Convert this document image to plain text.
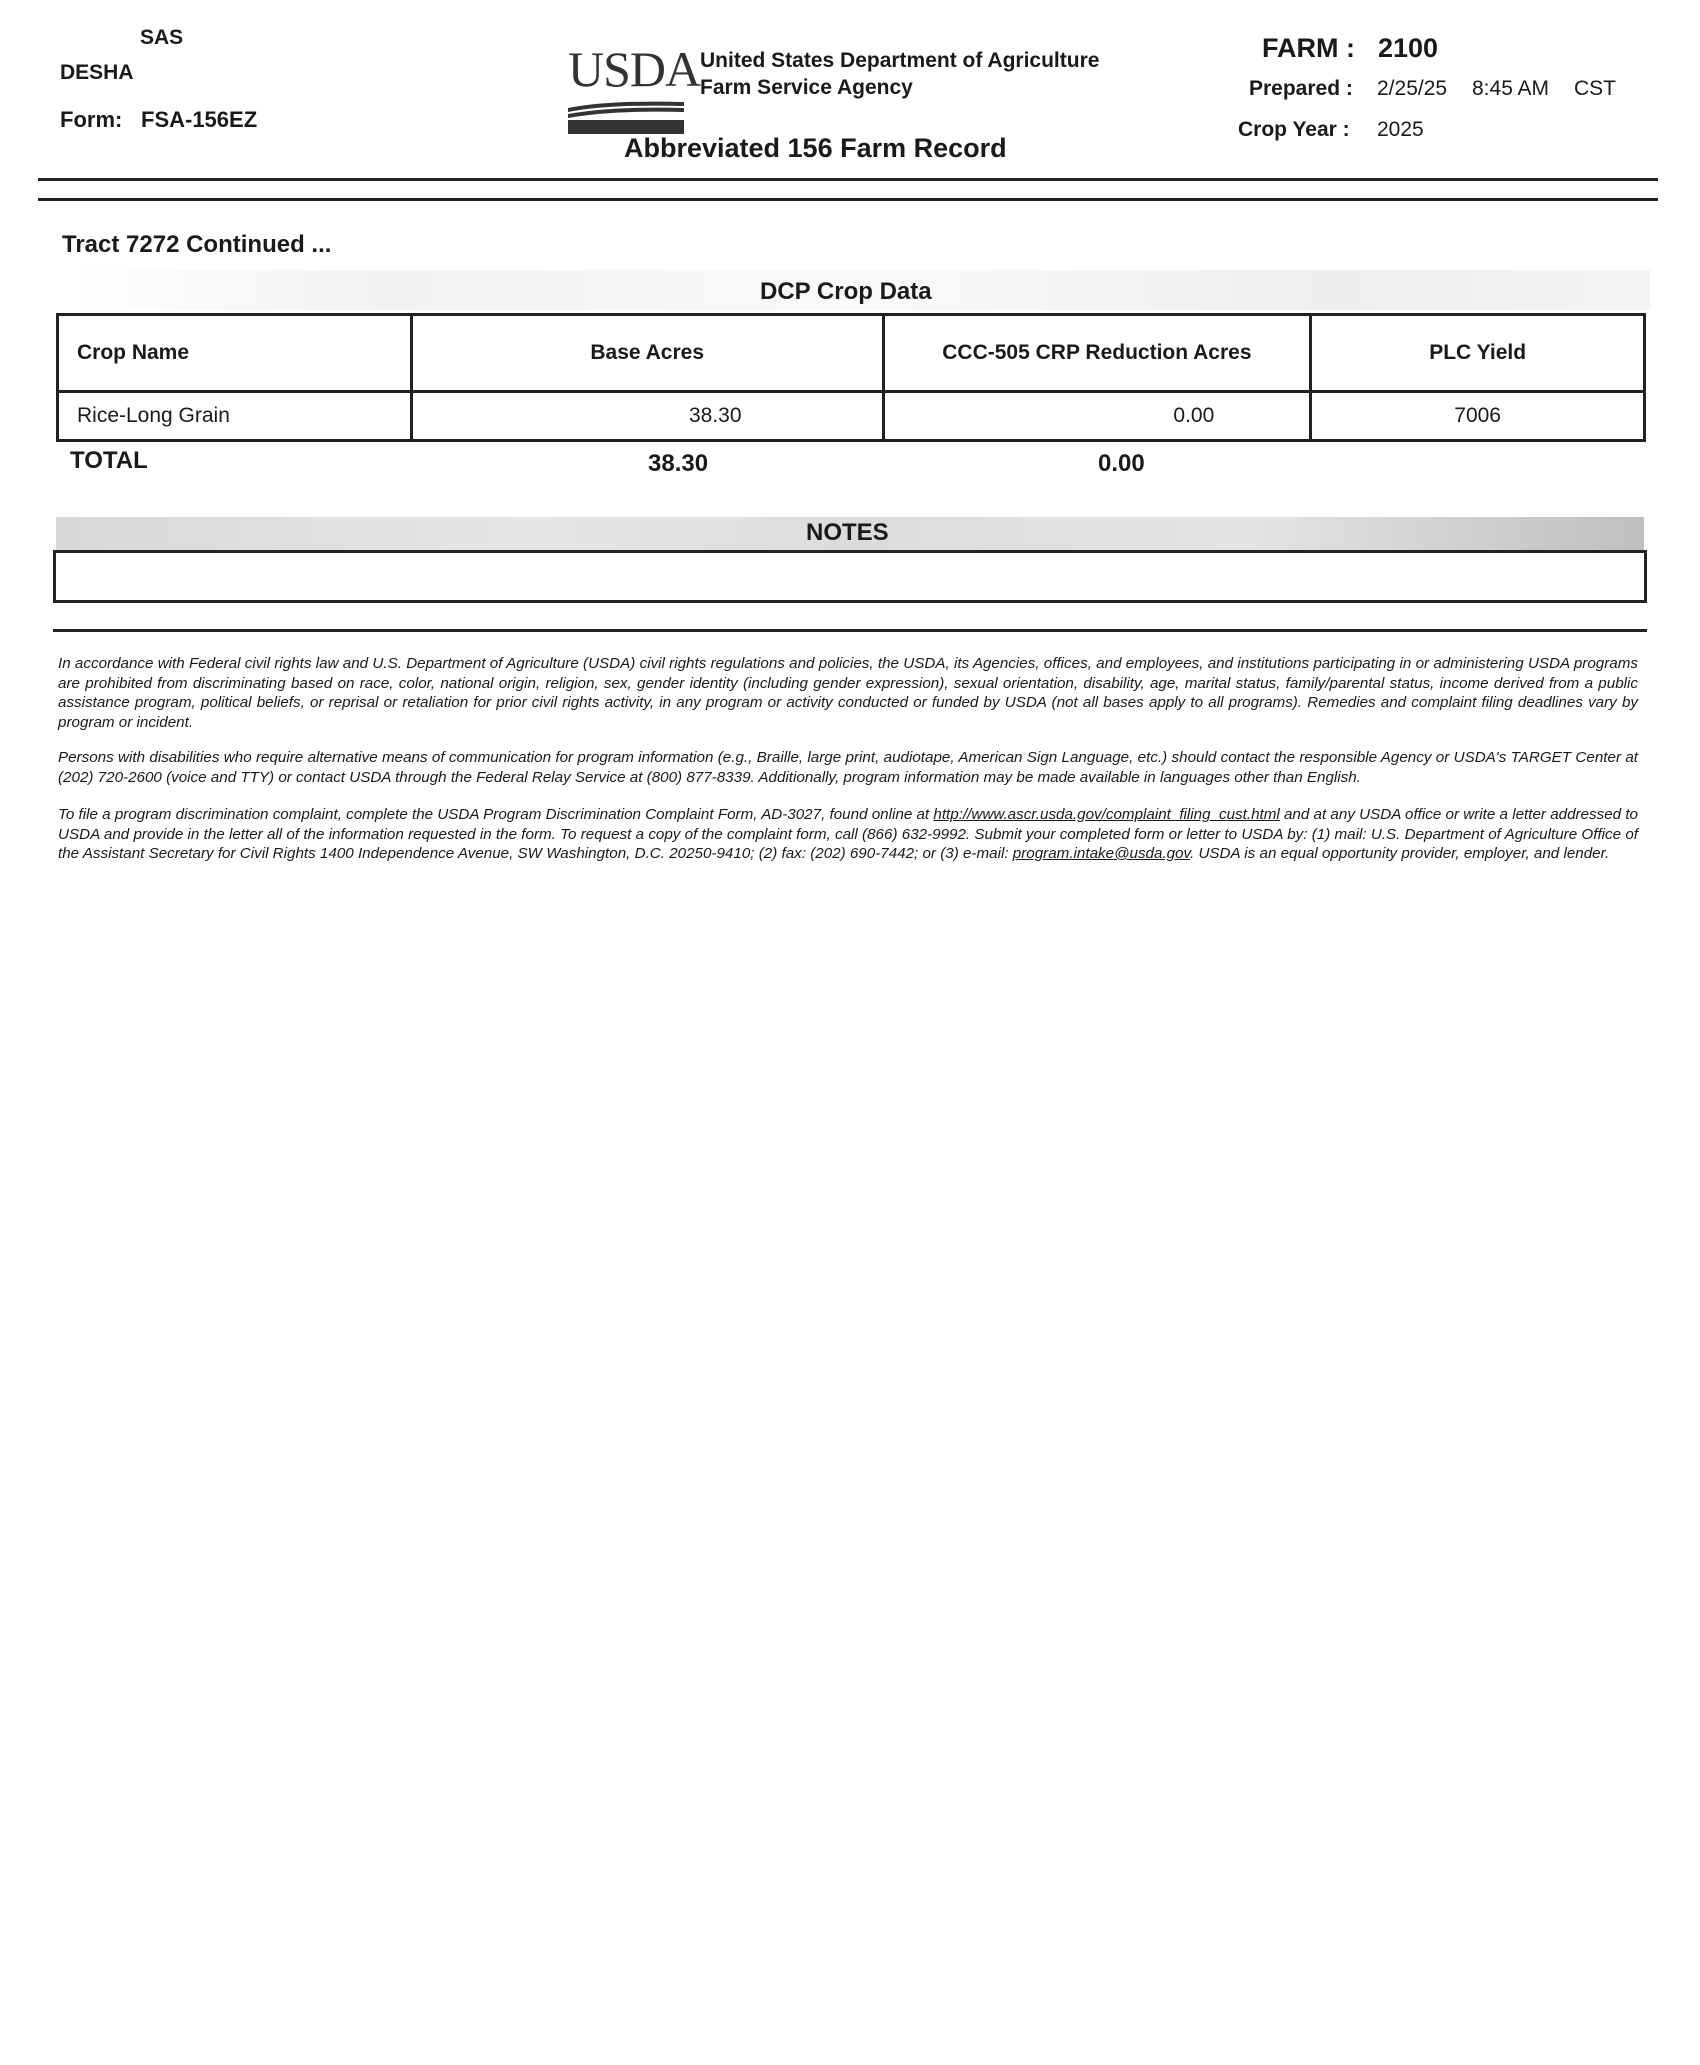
SAS
DESHA
Form: FSA-156EZ
USDA United States Department of Agriculture
Farm Service Agency
Abbreviated 156 Farm Record
FARM : 2100
Prepared : 2/25/25 8:45 AM CST
Crop Year : 2025
Tract 7272 Continued ...
DCP Crop Data
Crop Name	Base Acres	CCC-505 CRP Reduction Acres	PLC Yield
Rice-Long Grain	38.30	0.00	7006
TOTAL	38.30	0.00
NOTES
In accordance with Federal civil rights law and U.S. Department of Agriculture (USDA) civil rights regulations and policies, the USDA, its Agencies, offices, and employees, and institutions participating in or administering USDA programs are prohibited from discriminating based on race, color, national origin, religion, sex, gender identity (including gender expression), sexual orientation, disability, age, marital status, family/parental status, income derived from a public assistance program, political beliefs, or reprisal or retaliation for prior civil rights activity, in any program or activity conducted or funded by USDA (not all bases apply to all programs). Remedies and complaint filing deadlines vary by program or incident.
Persons with disabilities who require alternative means of communication for program information (e.g., Braille, large print, audiotape, American Sign Language, etc.) should contact the responsible Agency or USDA's TARGET Center at (202) 720-2600 (voice and TTY) or contact USDA through the Federal Relay Service at (800) 877-8339. Additionally, program information may be made available in languages other than English.
To file a program discrimination complaint, complete the USDA Program Discrimination Complaint Form, AD-3027, found online at http://www.ascr.usda.gov/complaint_filing_cust.html and at any USDA office or write a letter addressed to USDA and provide in the letter all of the information requested in the form. To request a copy of the complaint form, call (866) 632-9992. Submit your completed form or letter to USDA by: (1) mail: U.S. Department of Agriculture Office of the Assistant Secretary for Civil Rights 1400 Independence Avenue, SW Washington, D.C. 20250-9410; (2) fax: (202) 690-7442; or (3) e-mail: program.intake@usda.gov. USDA is an equal opportunity provider, employer, and lender.
